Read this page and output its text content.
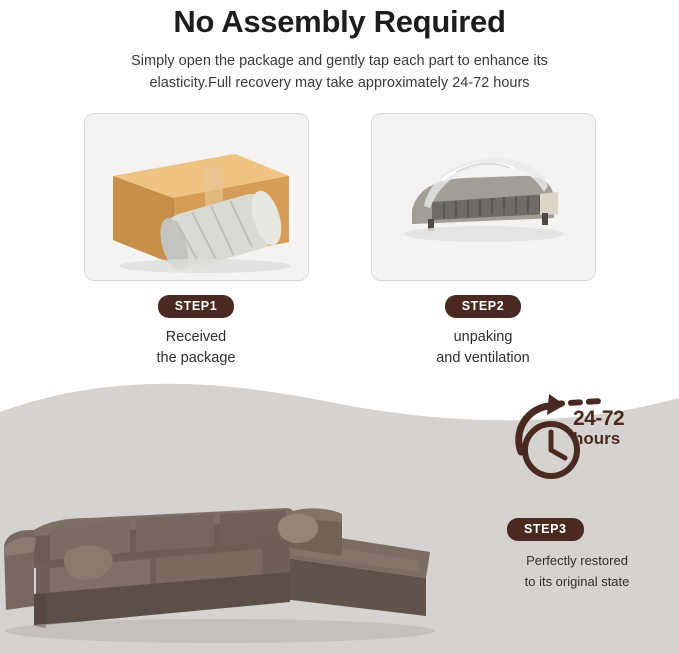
No Assembly Required
Simply open the package and gently tap each part to enhance its
elasticity.Full recovery may take approximately 24-72 hours
STEP1
Received
the package
STEP2
unpaking
and ventilation
24-72
hours
STEP3
Perfectly restored
to its original state
